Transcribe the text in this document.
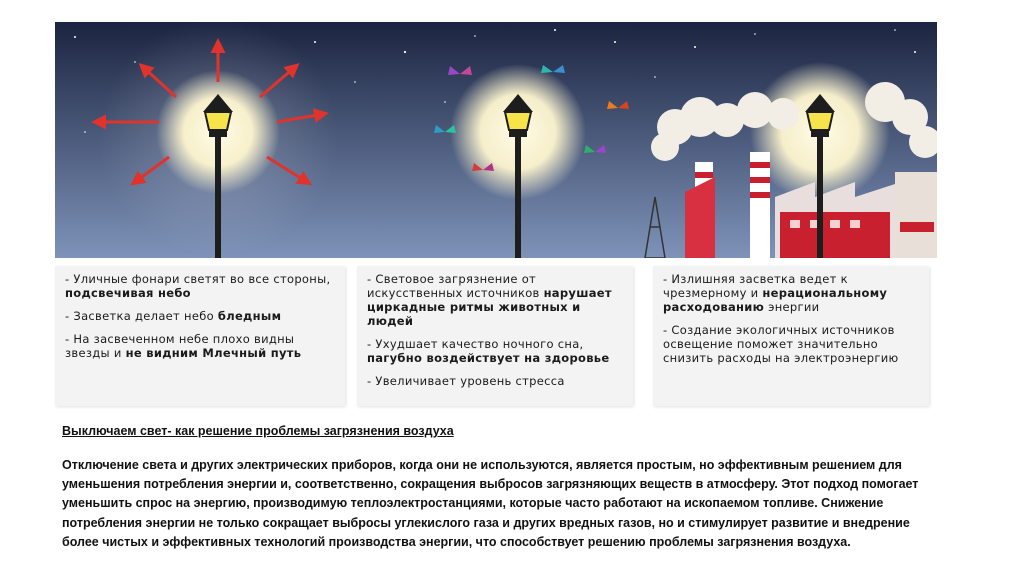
- Уличные фонари светят во все стороны, подсвечивая небо

- Засветка делает небо бледным

- На засвеченном небе плохо видны звезды и не видним Млечный путь

- Световое загрязнение от искусственных источников нарушает циркадные ритмы животных и людей

- Ухудшает качество ночного сна, пагубно воздействует на здоровье

- Увеличивает уровень стресса

- Излишняя засветка ведет к чрезмерному и нерациональному расходованию энергии

- Создание экологичных источников освещение поможет значительно снизить расходы на электроэнергию

Выключаем свет- как решение проблемы загрязнения воздуха
Отключение света и других электрических приборов, когда они не используются, является простым, но эффективным решением для уменьшения потребления энергии и, соответственно, сокращения выбросов загрязняющих веществ в атмосферу. Этот подход помогает уменьшить спрос на энергию, производимую теплоэлектростанциями, которые часто работают на ископаемом топливе. Снижение потребления энергии не только сокращает выбросы углекислого газа и других вредных газов, но и стимулирует развитие и внедрение более чистых и эффективных технологий производства энергии, что способствует решению проблемы загрязнения воздуха.
